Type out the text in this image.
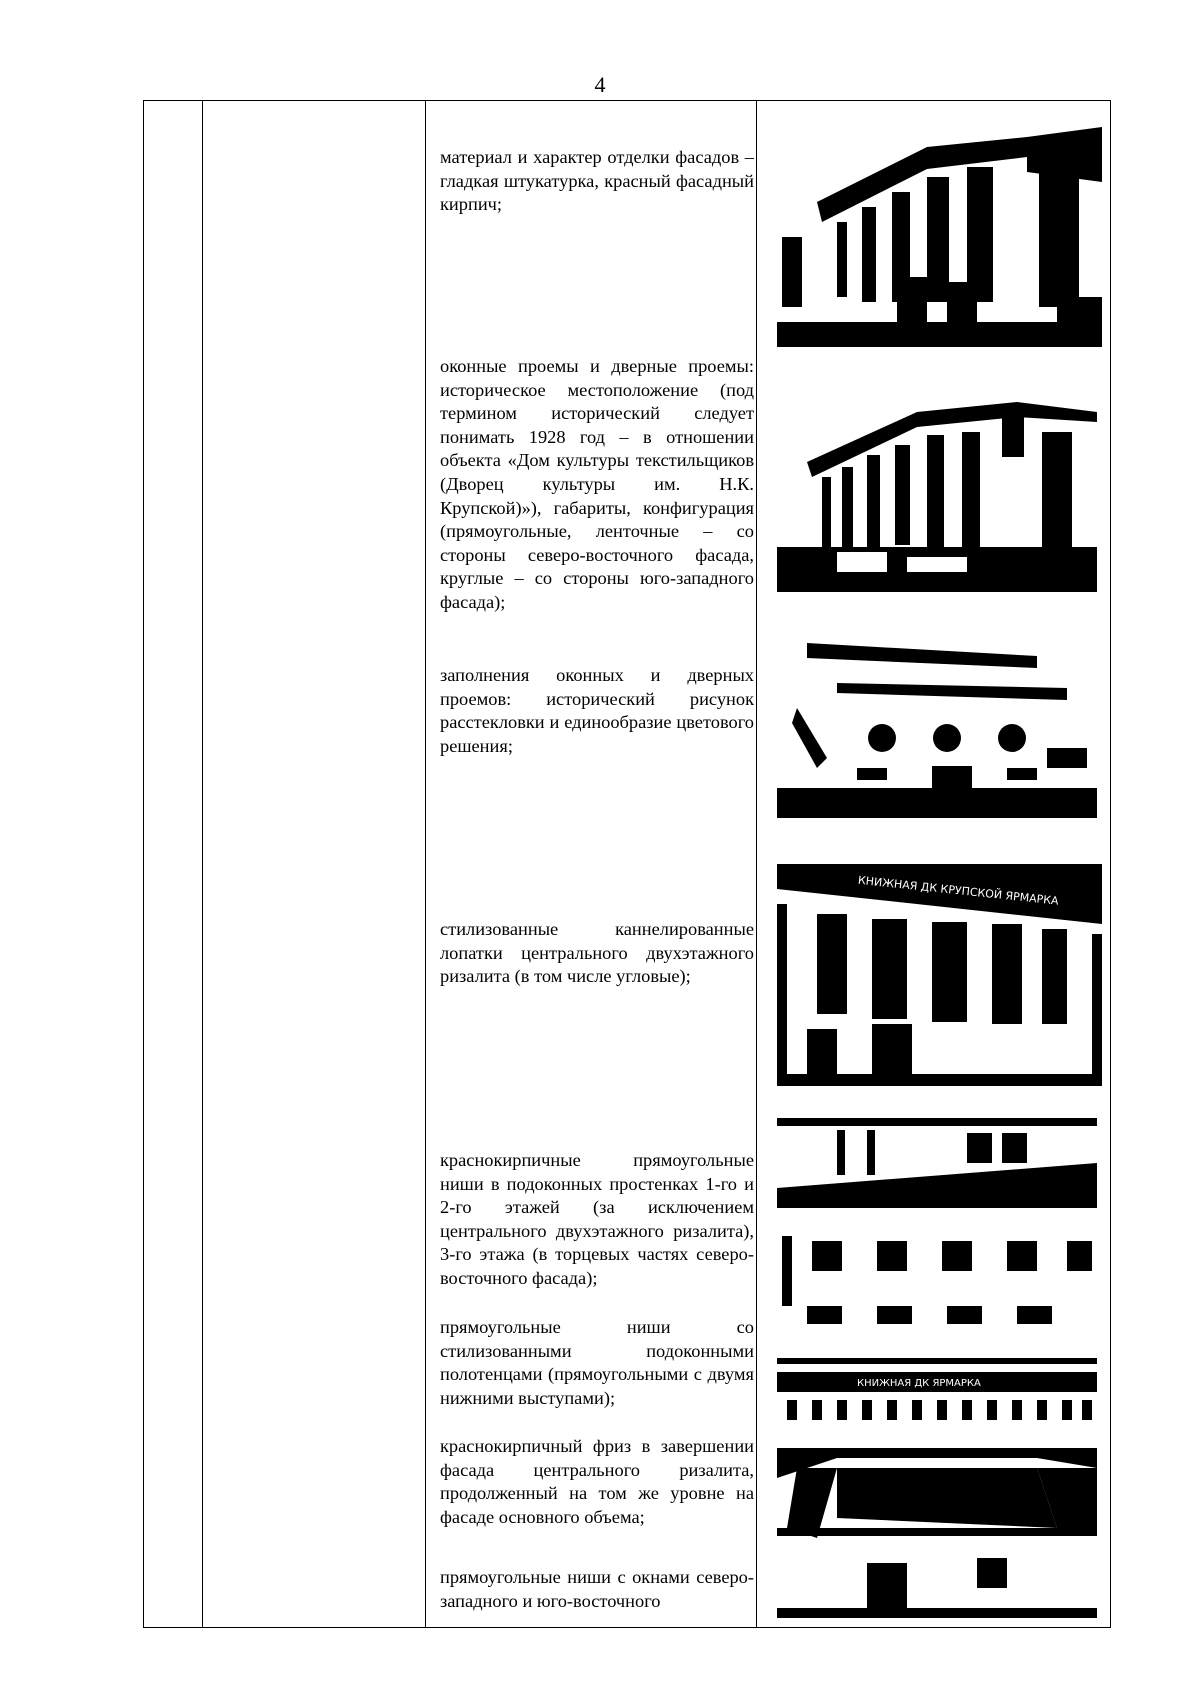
4
материал и характер отделки фасадов – гладкая штукатурка, красный фасадный кирпич;
оконные проемы и дверные проемы: историческое местоположение (под термином исторический следует понимать 1928 год – в отношении объекта «Дом культуры текстильщиков (Дворец культуры им. Н.К. Крупской)»), габариты, конфигурация (прямоугольные, ленточные – со стороны северо-восточного фасада, круглые – со стороны юго-западного фасада);
заполнения оконных и дверных проемов: исторический рисунок расстекловки и единообразие цветового решения;
стилизованные каннелированные лопатки центрального двухэтажного ризалита (в том числе угловые);
краснокирпичные прямоугольные ниши в подоконных простенках 1-го и 2-го этажей (за исключением центрального двухэтажного ризалита), 3-го этажа (в торцевых частях северо-восточного фасада);
прямоугольные ниши со стилизованными подоконными полотенцами (прямоугольными с двумя нижними выступами);
краснокирпичный фриз в завершении фасада центрального ризалита, продолженный на том же уровне на фасаде основного объема;
прямоугольные ниши с окнами северо-западного и юго-восточного
КНИЖНАЯ ДК КРУПСКОЙ ЯРМАРКА
КНИЖНАЯ ДК ЯРМАРКА
